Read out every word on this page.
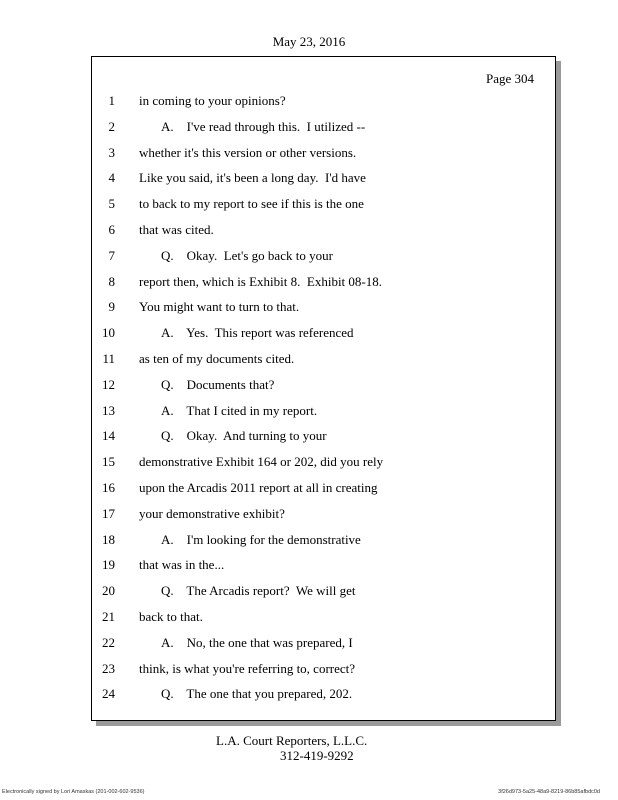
May 23, 2016
Page 304
1 in coming to your opinions?
2	A.    I've read through this.  I utilized --
3 whether it's this version or other versions.
4 Like you said, it's been a long day.  I'd have
5 to back to my report to see if this is the one
6 that was cited.
7	Q.    Okay.  Let's go back to your
8 report then, which is Exhibit 8.  Exhibit 08-18.
9 You might want to turn to that.
10	A.    Yes.  This report was referenced
11 as ten of my documents cited.
12	Q.    Documents that?
13	A.    That I cited in my report.
14	Q.    Okay.  And turning to your
15 demonstrative Exhibit 164 or 202, did you rely
16 upon the Arcadis 2011 report at all in creating
17 your demonstrative exhibit?
18	A.    I'm looking for the demonstrative
19 that was in the...
20	Q.    The Arcadis report?  We will get
21 back to that.
22	A.    No, the one that was prepared, I
23 think, is what you're referring to, correct?
24	Q.    The one that you prepared, 202.
L.A. Court Reporters, L.L.C.
312-419-9292
Electronically signed by Lori Amaskas (201-002-602-9536)	3f26d973-5a25-48a9-8219-86b85afbdc0d
